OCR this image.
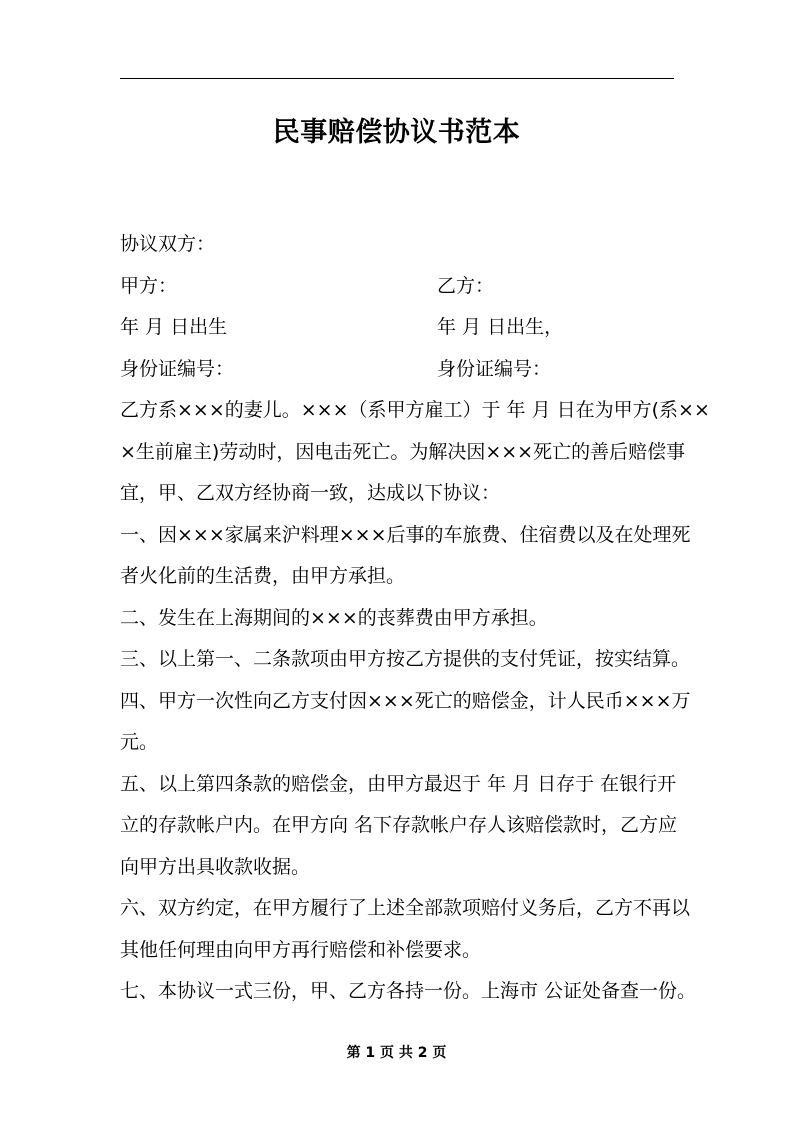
民事赔偿协议书范本
协议双方：
甲方：	乙方：
年 月 日出生	年 月 日出生，
身份证编号：	身份证编号：
乙方系×××的妻儿。×××（系甲方雇工）于 年 月 日在为甲方(系××
×生前雇主)劳动时，因电击死亡。为解决因×××死亡的善后赔偿事
宜，甲、乙双方经协商一致，达成以下协议：
一、因×××家属来沪料理×××后事的车旅费、住宿费以及在处理死
者火化前的生活费，由甲方承担。
二、发生在上海期间的×××的丧葬费由甲方承担。
三、以上第一、二条款项由甲方按乙方提供的支付凭证，按实结算。
四、甲方一次性向乙方支付因×××死亡的赔偿金，计人民币×××万
元。
五、以上第四条款的赔偿金，由甲方最迟于 年 月 日存于 在银行开
立的存款帐户内。在甲方向 名下存款帐户存人该赔偿款时，乙方应
向甲方出具收款收据。
六、双方约定，在甲方履行了上述全部款项赔付义务后，乙方不再以
其他任何理由向甲方再行赔偿和补偿要求。
七、本协议一式三份，甲、乙方各持一份。上海市 公证处备查一份。
第 1 页 共 2 页
